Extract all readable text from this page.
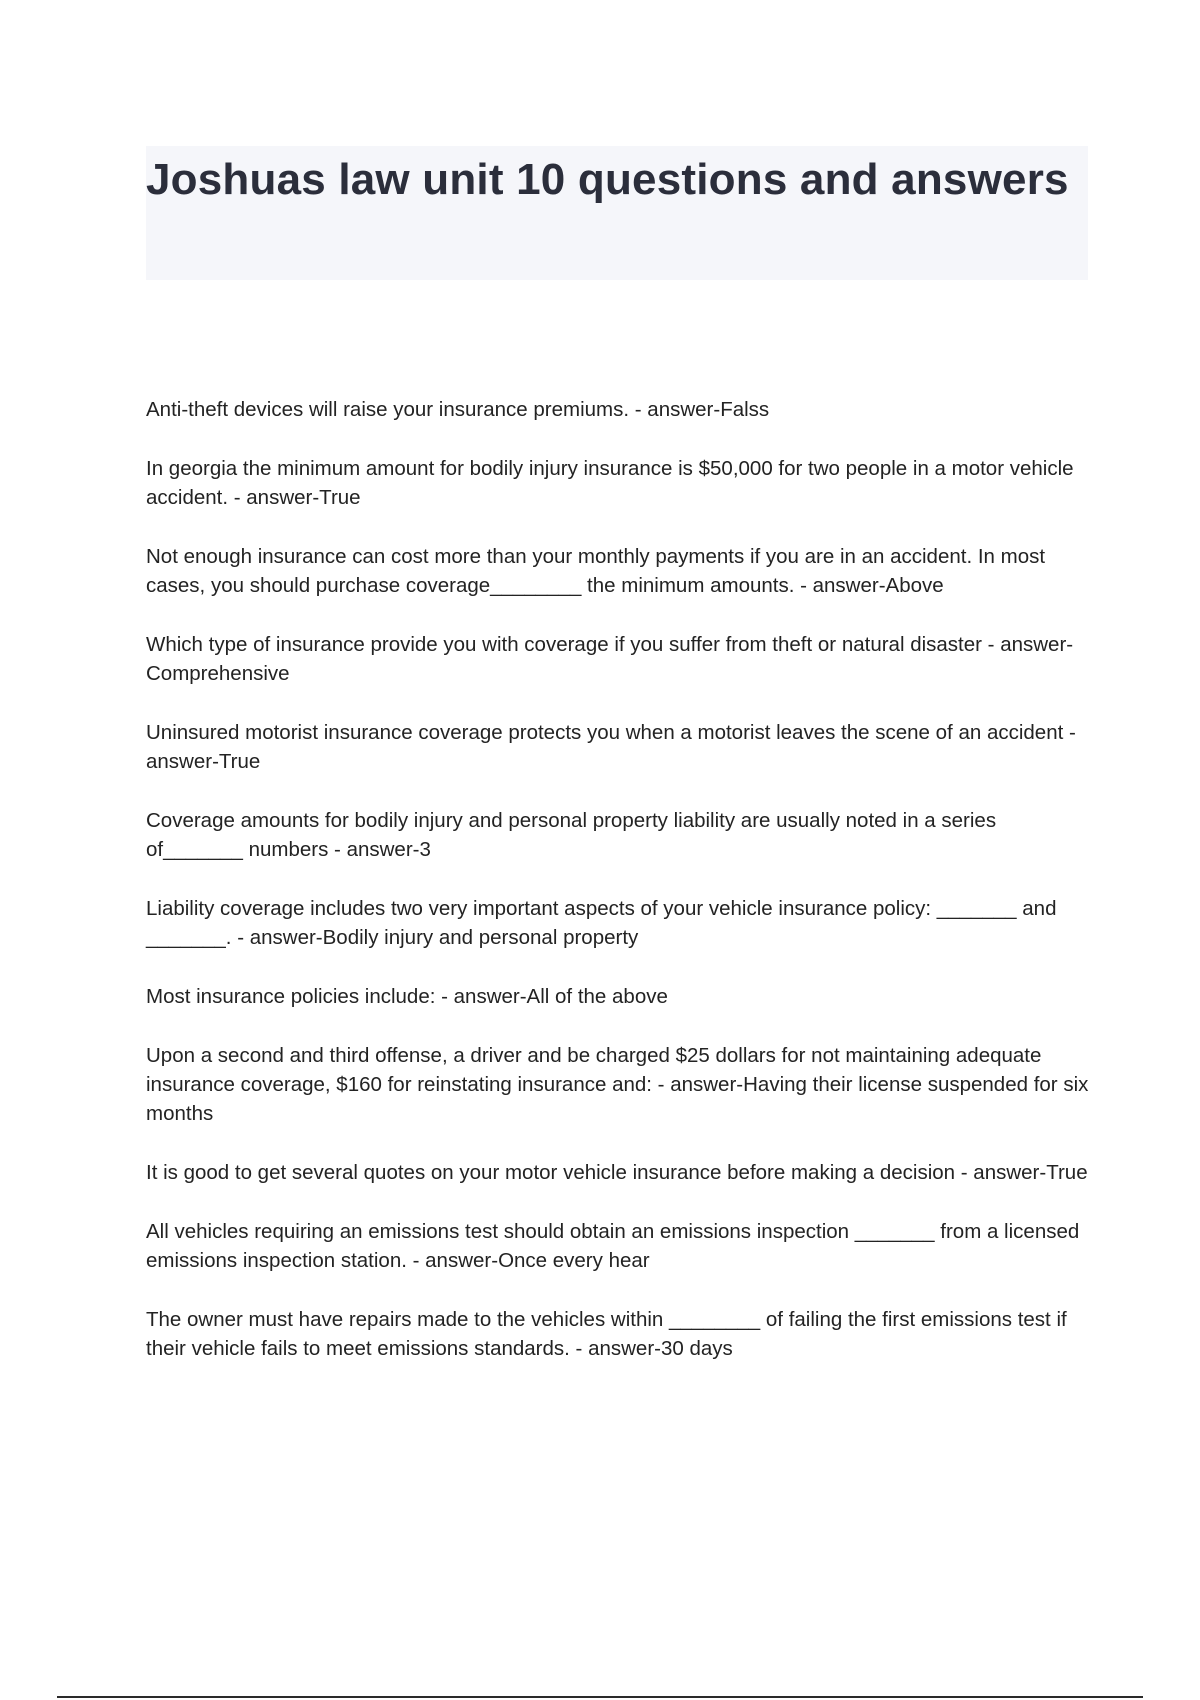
Joshuas law unit 10 questions and answers
Anti-theft devices will raise your insurance premiums. - answer-Falss
In georgia the minimum amount for bodily injury insurance is $50,000 for two people in a motor vehicle accident. - answer-True
Not enough insurance can cost more than your monthly payments if you are in an accident. In most cases, you should purchase coverage________ the minimum amounts. - answer-Above
Which type of insurance provide you with coverage if you suffer from theft or natural disaster - answer-Comprehensive
Uninsured motorist insurance coverage protects you when a motorist leaves the scene of an accident - answer-True
Coverage amounts for bodily injury and personal property liability are usually noted in a series of_______ numbers - answer-3
Liability coverage includes two very important aspects of your vehicle insurance policy: _______ and _______. - answer-Bodily injury and personal property
Most insurance policies include: - answer-All of the above
Upon a second and third offense, a driver and be charged $25 dollars for not maintaining adequate insurance coverage, $160 for reinstating insurance and: - answer-Having their license suspended for six months
It is good to get several quotes on your motor vehicle insurance before making a decision - answer-True
All vehicles requiring an emissions test should obtain an emissions inspection _______ from a licensed emissions inspection station. - answer-Once every hear
The owner must have repairs made to the vehicles within ________ of failing the first emissions test if their vehicle fails to meet emissions standards. - answer-30 days
